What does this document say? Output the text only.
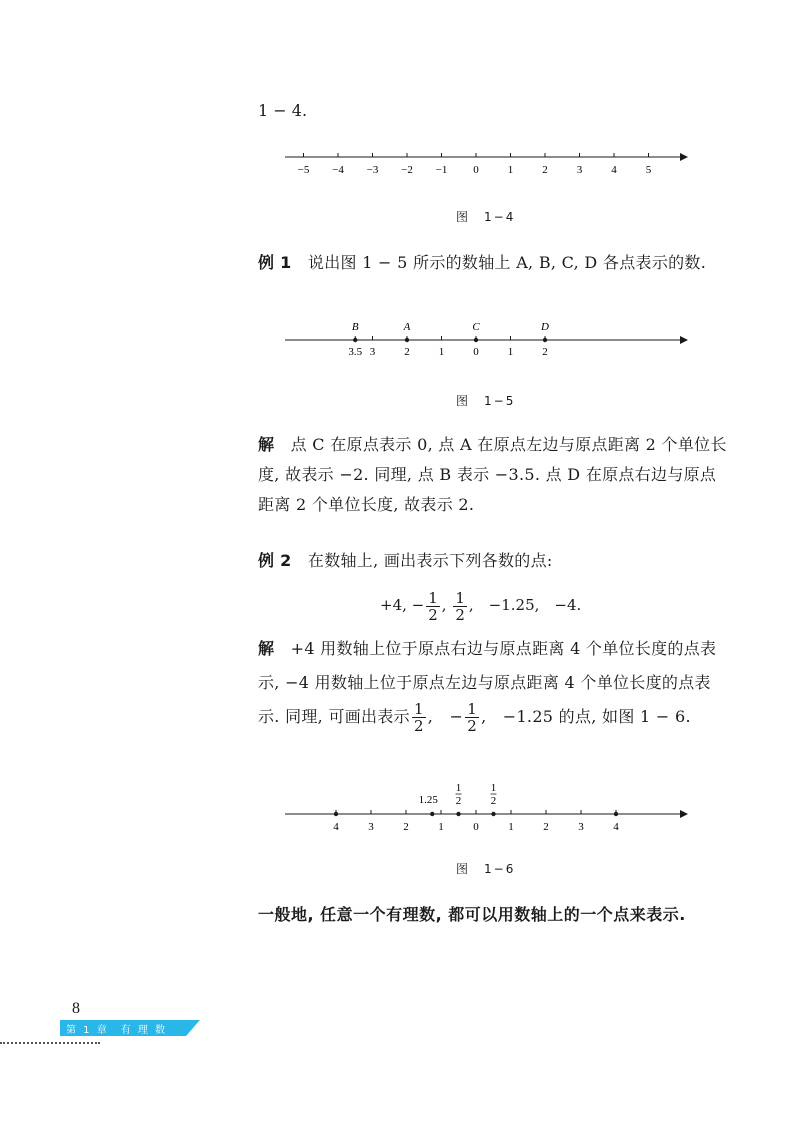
1 − 4.
−5 −4 −3 −2 −1 0	1	2	3	4	5
图　1−4
例 1　说出图 1 − 5 所示的数轴上 A, B, C, D 各点表示的数.
3.5 3	2	1	0	1	2
B	A	C	D
图　1−5
解　点 C 在原点表示 0, 点 A 在原点左边与原点距离 2 个单位长度, 故表示 −2. 同理, 点 B 表示 −3.5. 点 D 在原点右边与原点距离 2 个单位长度, 故表示 2.
例 2　在数轴上, 画出表示下列各数的点:
+4, − $\frac{1}{2}$ , $\frac{1}{2}$ ,　−1.25,　−4.
解　+4 用数轴上位于原点右边与原点距离 4 个单位长度的点表示, −4 用数轴上位于原点左边与原点距离 4 个单位长度的点表示. 同理, 可画出表示 $\frac{1}{2}$ ,　 − $\frac{1}{2}$ ,　−1.25 的点, 如图 1 − 6.
4	3	2	1	0	1	2	3	4
1.25
1
2
1
2
图　1−6
一般地, 任意一个有理数, 都可以用数轴上的一个点来表示.
8
第 1 章　有 理 数
